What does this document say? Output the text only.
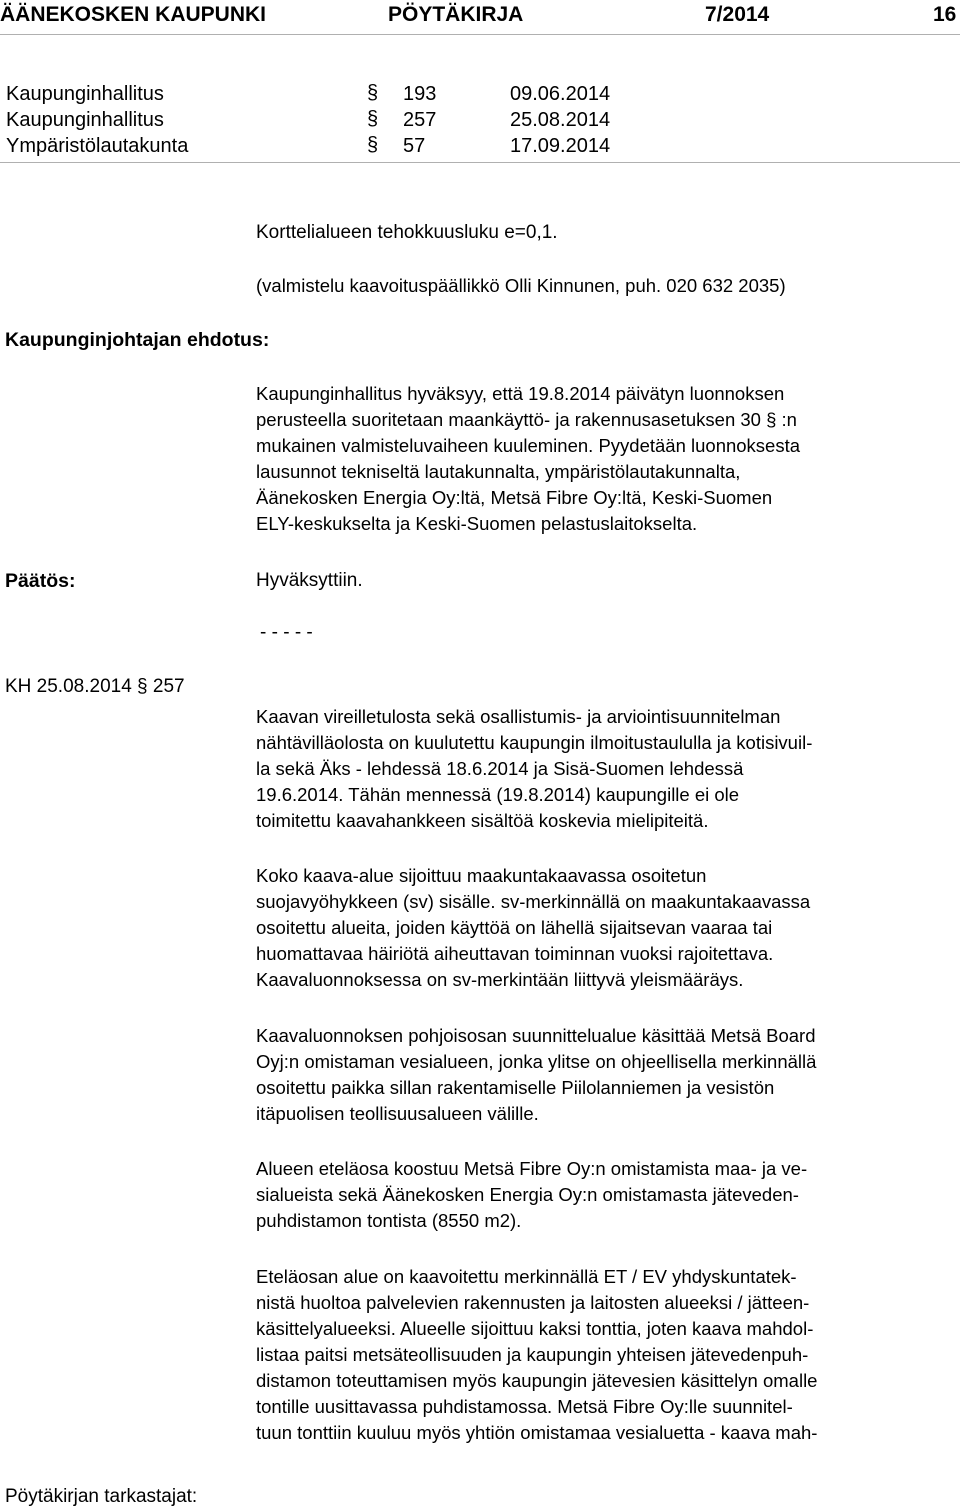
ÄÄNEKOSKEN KAUPUNKI	PÖYTÄKIRJA	7/2014	16
Kaupunginhallitus	§ 193	09.06.2014
Kaupunginhallitus	§ 257	25.08.2014
Ympäristölautakunta	§ 57	17.09.2014
Korttelialueen tehokkuusluku e=0,1.
(valmistelu kaavoituspäällikkö Olli Kinnunen, puh. 020 632 2035)
Kaupunginjohtajan ehdotus:
Kaupunginhallitus hyväksyy, että 19.8.2014 päivätyn luonnoksen
perusteella suoritetaan maankäyttö- ja rakennusasetuksen 30 § :n
mukainen valmisteluvaiheen kuuleminen. Pyydetään luonnoksesta
lausunnot tekniseltä lautakunnalta, ympäristölautakunnalta,
Äänekosken Energia Oy:ltä, Metsä Fibre Oy:ltä, Keski-Suomen
ELY-keskukselta ja Keski-Suomen pelastuslaitokselta.
Päätös:	Hyväksyttiin.
- - - - -
KH 25.08.2014 § 257
Kaavan vireilletulosta sekä osallistumis- ja arviointisuunnitelman
nähtävilläolosta on kuulutettu kaupungin ilmoitustaululla ja kotisivuil-
la sekä Äks - lehdessä 18.6.2014 ja Sisä-Suomen lehdessä
19.6.2014. Tähän mennessä (19.8.2014) kaupungille ei ole
toimitettu kaavahankkeen sisältöä koskevia mielipiteitä.
Koko kaava-alue sijoittuu maakuntakaavassa osoitetun
suojavyöhykkeen (sv) sisälle. sv-merkinnällä on maakuntakaavassa
osoitettu alueita, joiden käyttöä on lähellä sijaitsevan vaaraa tai
huomattavaa häiriötä aiheuttavan toiminnan vuoksi rajoitettava.
Kaavaluonnoksessa on sv-merkintään liittyvä yleismääräys.
Kaavaluonnoksen pohjoisosan suunnittelualue käsittää Metsä Board
Oyj:n omistaman vesialueen, jonka ylitse on ohjeellisella merkinnällä
osoitettu paikka sillan rakentamiselle Piilolanniemen ja vesistön
itäpuolisen teollisuusalueen välille.
Alueen eteläosa koostuu Metsä Fibre Oy:n omistamista maa- ja ve-
sialueista sekä Äänekosken Energia Oy:n omistamasta jäteveden-
puhdistamon tontista (8550 m2).
Eteläosan alue on kaavoitettu merkinnällä ET / EV yhdyskuntatek-
nistä huoltoa palvelevien rakennusten ja laitosten alueeksi / jätteen-
käsittelyalueeksi. Alueelle sijoittuu kaksi tonttia, joten kaava mahdol-
listaa paitsi metsäteollisuuden ja kaupungin yhteisen jätevedenpuh-
distamon toteuttamisen myös kaupungin jätevesien käsittelyn omalle
tontille uusittavassa puhdistamossa. Metsä Fibre Oy:lle suunnitel-
tuun tonttiin kuuluu myös yhtiön omistamaa vesialuetta - kaava mah-
Pöytäkirjan tarkastajat:
